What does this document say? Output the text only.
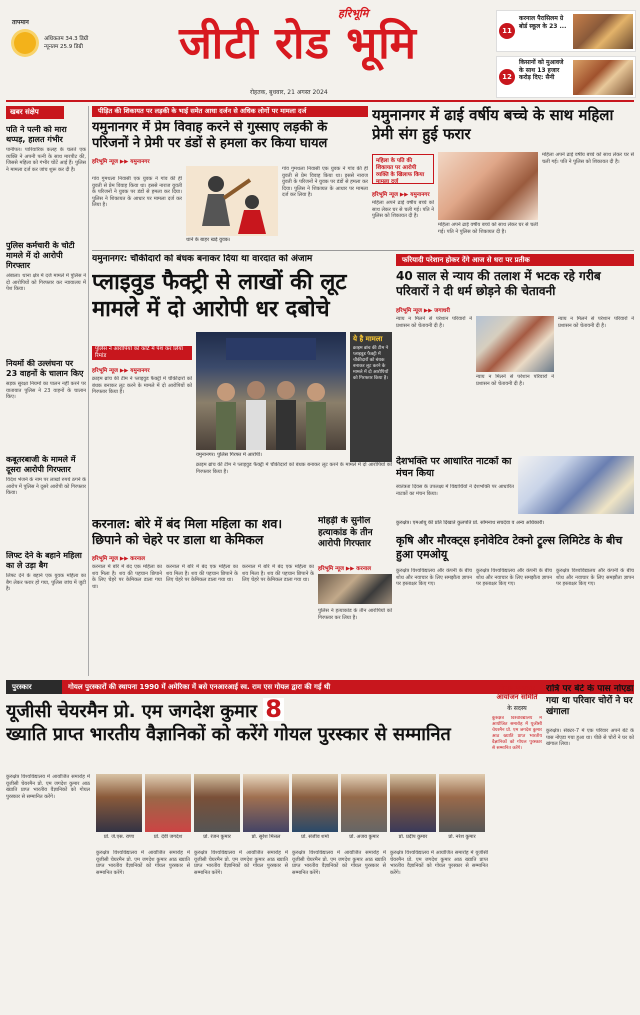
तापमान
अधिकतम 34.3 डिग्री
न्यूनतम 25.9 डिग्री
हरिभूमि
जीटी रोड भूमि
रोहतक, बुधवार, 21 अगस्त 2024
11
करनाल पैरासिलम ग्रे बोर्ड स्कूल के 23 ...
12
किसानों को मुआवजे के साथ 13 हजार करोड़ दिए: सैनी
खबर संक्षेप
पति ने पत्नी को मारा थप्पड़, हालत गंभीर
पानीपत। पारिवारिक कलह के चलते एक व्यक्ति ने अपनी पत्नी के साथ मारपीट की, जिससे महिला को गंभीर चोटें आई हैं। पुलिस ने मामला दर्ज कर जांच शुरू कर दी है।
पुलिस कर्मचारी के चोटी मामले में दो आरोपी गिरफ्तार
अंबाला। थाना क्षेत्र में दर्ज मामले में पुलिस ने दो आरोपियों को गिरफ्तार कर न्यायालय में पेश किया।
नियमों की उल्लंघना पर 23 वाहनों के चालान किए
सड़क सुरक्षा नियमों का पालन नहीं करने पर यातायात पुलिस ने 23 वाहनों के चालान किए।
कबूतरबाजी के मामले में दूसरा आरोपी गिरफ्तार
विदेश भेजने के नाम पर लाखों रुपये ठगने के आरोप में पुलिस ने दूसरे आरोपी को गिरफ्तार किया।
लिफ्ट देने के बहाने महिला का ले उड़ा बैग
लिफ्ट देने के बहाने एक युवक महिला का बैग लेकर फरार हो गया, पुलिस जांच में जुटी है।
पीड़ित की शिकायत पर लड़की के भाई समेत आधा दर्जन से अधिक लोगों पर मामला दर्ज
यमुनानगर में प्रेम विवाह करने से गुस्साए लड़की के परिजनों ने प्रेमी पर डंडों से हमला कर किया घायल
हरिभूमि न्यूज ▶▶ यमुनानगर
गांव गुमथला निवासी एक युवक ने गांव की ही युवती से प्रेम विवाह किया था। इससे नाराज युवती के परिजनों ने युवक पर डंडों से हमला कर दिया। पुलिस ने शिकायत के आधार पर मामला दर्ज कर लिया है।
थाने के बाहर खड़े युवक।
गांव गुमथला निवासी एक युवक ने गांव की ही युवती से प्रेम विवाह किया था। इससे नाराज युवती के परिजनों ने युवक पर डंडों से हमला कर दिया। पुलिस ने शिकायत के आधार पर मामला दर्ज कर लिया है।
यमुनानगर में ढाई वर्षीय बच्चे के साथ महिला प्रेमी संग हुई फरार
महिला के पति की शिकायत पर आरोपी व्यक्ति के खिलाफ किया मामला दर्ज
हरिभूमि न्यूज ▶▶ यमुनानगर
महिला अपने ढाई वर्षीय बच्चे को साथ लेकर घर से चली गई। पति ने पुलिस को शिकायत दी है।
महिला अपने ढाई वर्षीय बच्चे को साथ लेकर घर से चली गई। पति ने पुलिस को शिकायत दी है।
महिला अपने ढाई वर्षीय बच्चे को साथ लेकर घर से चली गई। पति ने पुलिस को शिकायत दी है।
यमुनानगर: चौकीदारों को बंधक बनाकर दिया था वारदात को अंजाम
प्लाइवुड फैक्ट्री से लाखों की लूट मामले में दो आरोपी धर दबोचे
पुलिस ने आरोपियों को कोर्ट में पेश कर लिया रिमांड
हरिभूमि न्यूज ▶▶ यमुनानगर
क्राइम ब्रांच की टीम ने प्लाइवुड फैक्ट्री में चौकीदारों को बंधक बनाकर लूट करने के मामले में दो आरोपियों को गिरफ्तार किया है।
यमुनानगर। पुलिस गिरफ्त में आरोपी।
ये है मामला
क्राइम ब्रांच की टीम ने प्लाइवुड फैक्ट्री में चौकीदारों को बंधक बनाकर लूट करने के मामले में दो आरोपियों को गिरफ्तार किया है।
क्राइम ब्रांच की टीम ने प्लाइवुड फैक्ट्री में चौकीदारों को बंधक बनाकर लूट करने के मामले में दो आरोपियों को गिरफ्तार किया है।
फरियादी परेशान होकर देंगे आज से धरा पर प्रतीक
40 साल से न्याय की तलाश में भटक रहे गरीब परिवारों ने दी धर्म छोड़ने की चेतावनी
हरिभूमि न्यूज ▶▶ जगाधरी
न्याय न मिलने से परेशान परिवारों ने प्रशासन को चेतावनी दी है।
न्याय न मिलने से परेशान परिवारों ने प्रशासन को चेतावनी दी है।
न्याय न मिलने से परेशान परिवारों ने प्रशासन को चेतावनी दी है।
देशभक्ति पर आधारित नाटकों का मंचन किया
स्वतंत्रता दिवस के उपलक्ष्य में विद्यार्थियों ने देशभक्ति पर आधारित नाटकों का मंचन किया।
कुरुक्षेत्र। एमओयू की प्रति दिखाते कुलपति प्रो. सोमनाथ सचदेवा व अन्य अधिकारी।
कृषि और मौरक्ट्स इनोवेटिव टेक्नो ट्रूल्स लिमिटेड के बीच हुआ एमओयू
कुरुक्षेत्र विश्वविद्यालय और कंपनी के बीच शोध और नवाचार के लिए समझौता ज्ञापन पर हस्ताक्षर किए गए।
कुरुक्षेत्र विश्वविद्यालय और कंपनी के बीच शोध और नवाचार के लिए समझौता ज्ञापन पर हस्ताक्षर किए गए।
कुरुक्षेत्र विश्वविद्यालय और कंपनी के बीच शोध और नवाचार के लिए समझौता ज्ञापन पर हस्ताक्षर किए गए।
करनाल: बोरे में बंद मिला महिला का शव। छिपाने को चेहरे पर डाला था केमिकल
हरिभूमि न्यूज ▶▶ करनाल
करनाल में बोरे में बंद एक महिला का शव मिला है। शव की पहचान छिपाने के लिए चेहरे पर केमिकल डाला गया था।
करनाल में बोरे में बंद एक महिला का शव मिला है। शव की पहचान छिपाने के लिए चेहरे पर केमिकल डाला गया था।
करनाल में बोरे में बंद एक महिला का शव मिला है। शव की पहचान छिपाने के लिए चेहरे पर केमिकल डाला गया था।
मोहड़ी के सुनील हत्याकांड के तीन आरोपी गिरफ्तार
हरिभूमि न्यूज ▶▶ करनाल
पुलिस ने हत्याकांड के तीन आरोपियों को गिरफ्तार कर लिया है।
पुरस्कार	गोयल पुरस्कारों की स्थापना 1990 में अमेरिका में बसे एनआरआई स्व. राम एस गोयल द्वारा की गई थी
यूजीसी चेयरमैन प्रो. एम जगदेश कुमार 8
ख्याति प्राप्त भारतीय वैज्ञानिकों को करेंगे गोयल पुरस्कार से सम्मानित
कुरुक्षेत्र विश्वविद्यालय में आयोजित समारोह में यूजीसी चेयरमैन प्रो. एम जगदेश कुमार आठ ख्याति प्राप्त भारतीय वैज्ञानिकों को गोयल पुरस्कार से सम्मानित करेंगे।
प्रो. जे.एस. राणा	प्रो. देवी जगदेश	प्रो. रंजन कुमार	प्रो. सुरेश मित्तल	प्रो. संजीव शर्मा	प्रो. अजय कुमार	प्रो. प्रदीप कुमार	प्रो. नरेश कुमार
कुरुक्षेत्र विश्वविद्यालय में आयोजित समारोह में यूजीसी चेयरमैन प्रो. एम जगदेश कुमार आठ ख्याति प्राप्त भारतीय वैज्ञानिकों को गोयल पुरस्कार से सम्मानित करेंगे।
कुरुक्षेत्र विश्वविद्यालय में आयोजित समारोह में यूजीसी चेयरमैन प्रो. एम जगदेश कुमार आठ ख्याति प्राप्त भारतीय वैज्ञानिकों को गोयल पुरस्कार से सम्मानित करेंगे।
कुरुक्षेत्र विश्वविद्यालय में आयोजित समारोह में यूजीसी चेयरमैन प्रो. एम जगदेश कुमार आठ ख्याति प्राप्त भारतीय वैज्ञानिकों को गोयल पुरस्कार से सम्मानित करेंगे।
कुरुक्षेत्र विश्वविद्यालय में आयोजित समारोह में यूजीसी चेयरमैन प्रो. एम जगदेश कुमार आठ ख्याति प्राप्त भारतीय वैज्ञानिकों को गोयल पुरस्कार से सम्मानित करेंगे।
गोयल पुरस्कार आयोजन समिति
के सदस्य
कुरुक्षेत्र विश्वविद्यालय में आयोजित समारोह में यूजीसी चेयरमैन प्रो. एम जगदेश कुमार आठ ख्याति प्राप्त भारतीय वैज्ञानिकों को गोयल पुरस्कार से सम्मानित करेंगे।
रात्रि पर बेटे के पास नोएडा गया था परिवार चोरों ने घर खंगाला
कुरुक्षेत्र। सेक्टर-7 में एक परिवार अपने बेटे के पास नोएडा गया हुआ था। पीछे से चोरों ने घर को खंगाल लिया।
